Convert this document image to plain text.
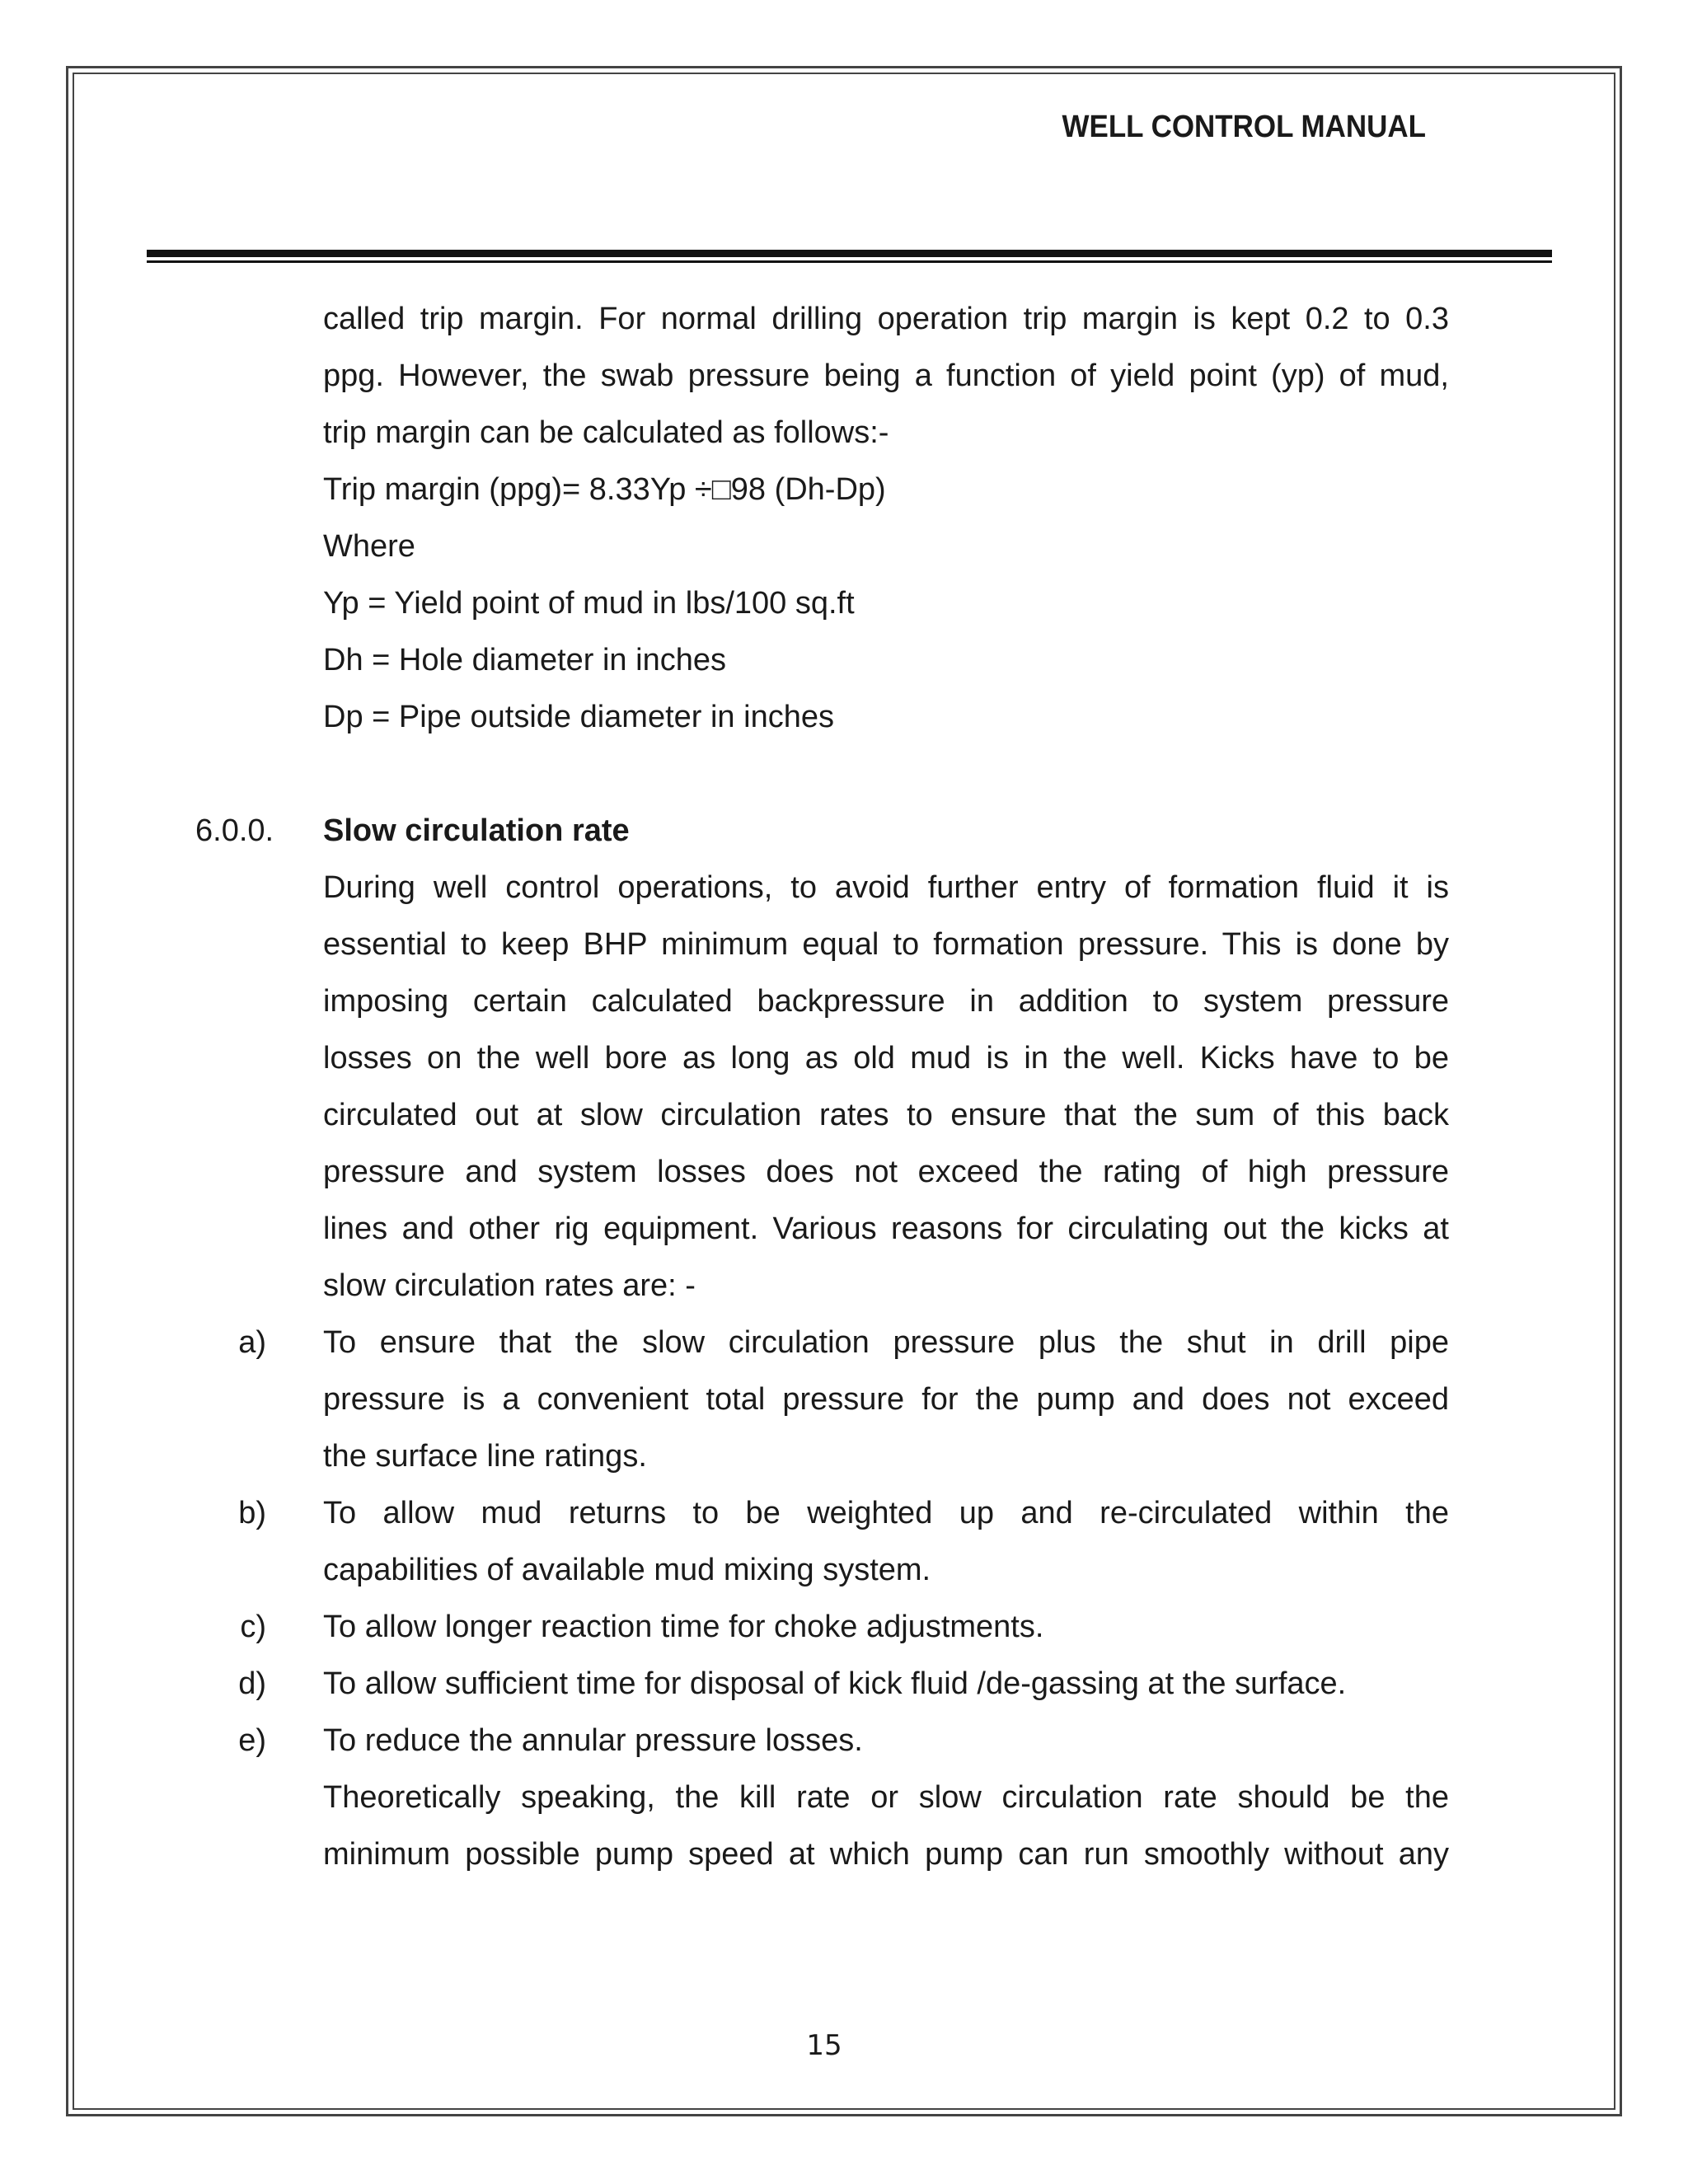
WELL CONTROL MANUAL
called trip margin. For normal drilling operation trip margin is kept 0.2 to 0.3
ppg. However, the swab pressure being a function of yield point (yp) of mud,
trip margin can be calculated as follows:-
Trip margin (ppg)= 8.33Yp ÷□98 (Dh-Dp)
Where
Yp = Yield point of mud in lbs/100 sq.ft
Dh = Hole diameter in inches
Dp = Pipe outside diameter in inches
6.0.0. Slow circulation rate
During well control operations, to avoid further entry of formation fluid it is
essential to keep BHP minimum equal to formation pressure. This is done by
imposing certain calculated backpressure in addition to system pressure
losses on the well bore as long as old mud is in the well. Kicks have to be
circulated out at slow circulation rates to ensure that the sum of this back
pressure and system losses does not exceed the rating of high pressure
lines and other rig equipment. Various reasons for circulating out the kicks at
slow circulation rates are: -
a) To ensure that the slow circulation pressure plus the shut in drill pipe
pressure is a convenient total pressure for the pump and does not exceed
the surface line ratings.
b) To allow mud returns to be weighted up and re-circulated within the
capabilities of available mud mixing system.
c) To allow longer reaction time for choke adjustments.
d) To allow sufficient time for disposal of kick fluid /de-gassing at the surface.
e) To reduce the annular pressure losses.
Theoretically speaking, the kill rate or slow circulation rate should be the
minimum possible pump speed at which pump can run smoothly without any
15
